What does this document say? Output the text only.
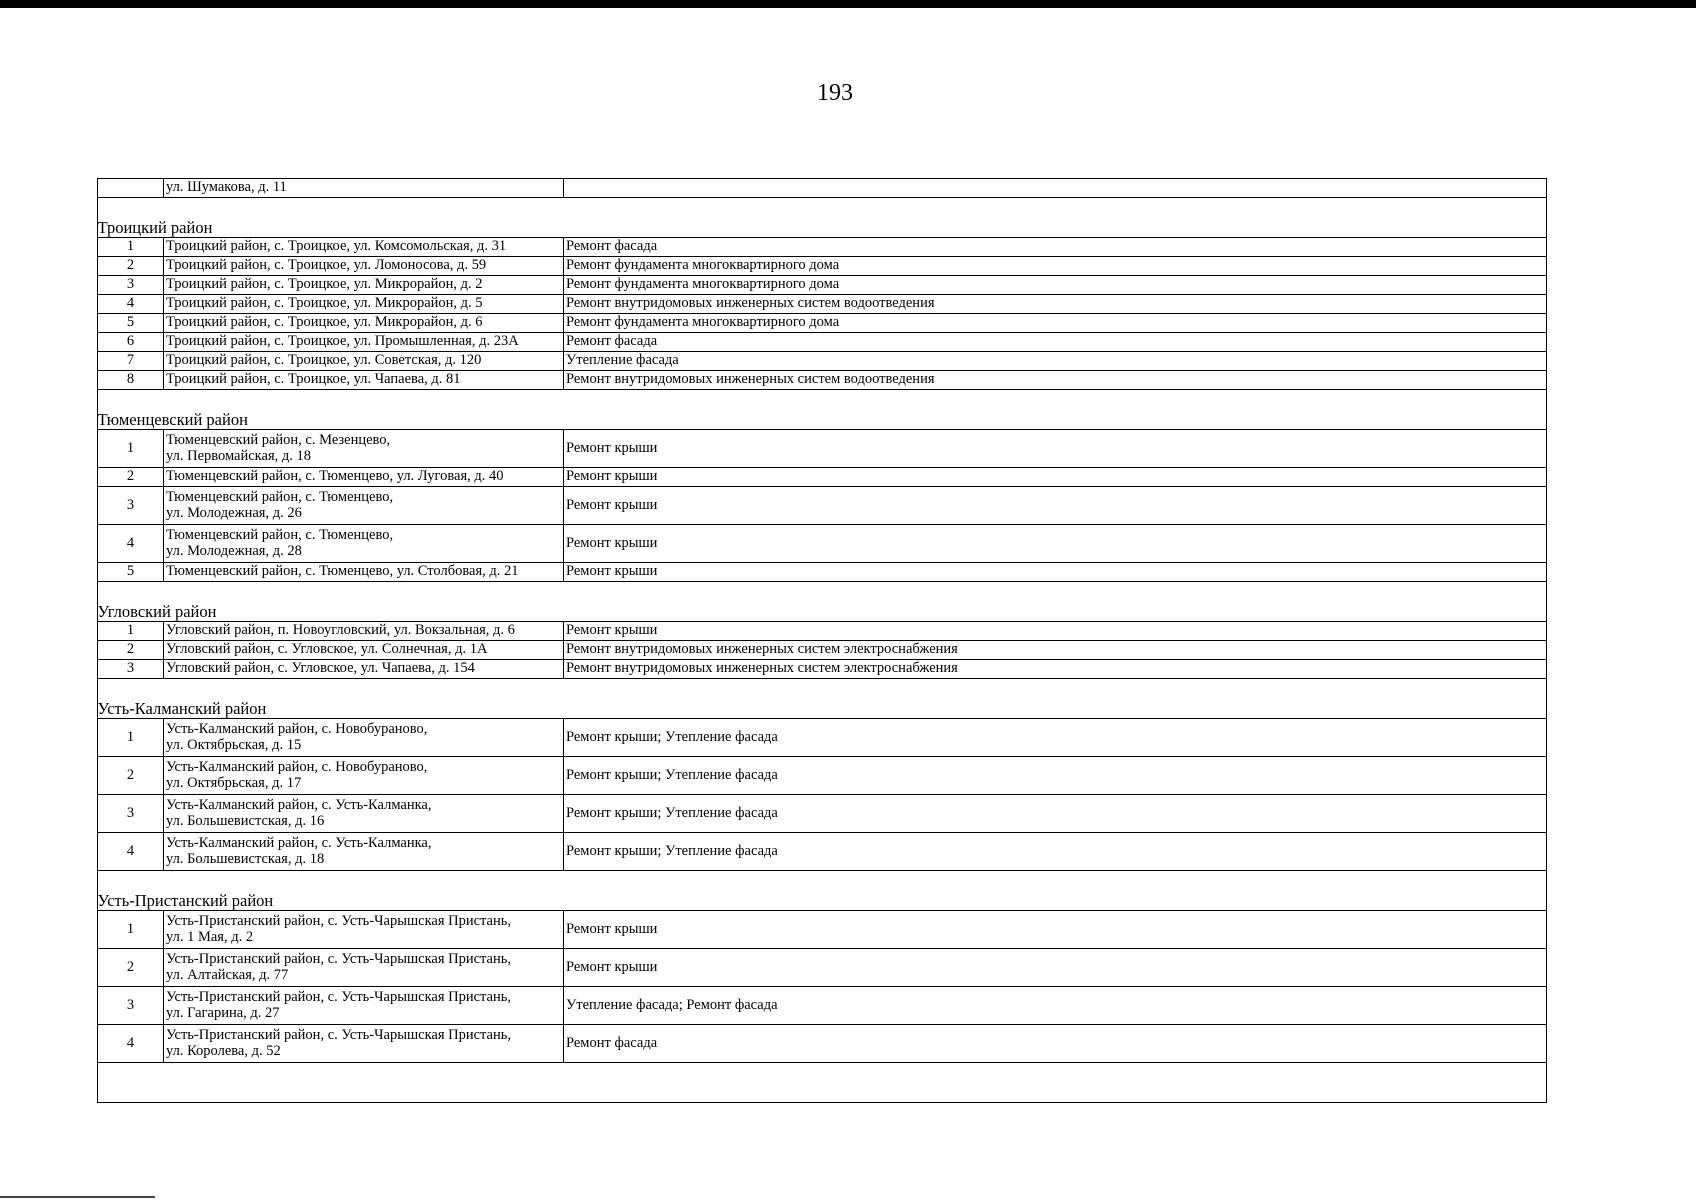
193
	ул. Шумакова, д. 11	
Троицкий район		
1	Троицкий район, с. Троицкое, ул. Комсомольская, д. 31	Ремонт фасада
2	Троицкий район, с. Троицкое, ул. Ломоносова, д. 59	Ремонт фундамента многоквартирного дома
3	Троицкий район, с. Троицкое, ул. Микрорайон, д. 2	Ремонт фундамента многоквартирного дома
4	Троицкий район, с. Троицкое, ул. Микрорайон, д. 5	Ремонт внутридомовых инженерных систем водоотведения
5	Троицкий район, с. Троицкое, ул. Микрорайон, д. 6	Ремонт фундамента многоквартирного дома
6	Троицкий район, с. Троицкое, ул. Промышленная, д. 23А	Ремонт фасада
7	Троицкий район, с. Троицкое, ул. Советская, д. 120	Утепление фасада
8	Троицкий район, с. Троицкое, ул. Чапаева, д. 81	Ремонт внутридомовых инженерных систем водоотведения
Тюменцевский район		
1	Тюменцевский район, с. Мезенцево,
ул. Первомайская, д. 18	Ремонт крыши
2	Тюменцевский район, с. Тюменцево, ул. Луговая, д. 40	Ремонт крыши
3	Тюменцевский район, с. Тюменцево,
ул. Молодежная, д. 26	Ремонт крыши
4	Тюменцевский район, с. Тюменцево,
ул. Молодежная, д. 28	Ремонт крыши
5	Тюменцевский район, с. Тюменцево, ул. Столбовая, д. 21	Ремонт крыши
Угловский район		
1	Угловский район, п. Новоугловский, ул. Вокзальная, д. 6	Ремонт крыши
2	Угловский район, с. Угловское, ул. Солнечная, д. 1А	Ремонт внутридомовых инженерных систем электроснабжения
3	Угловский район, с. Угловское, ул. Чапаева, д. 154	Ремонт внутридомовых инженерных систем электроснабжения
Усть-Калманский район		
1	Усть-Калманский район, с. Новобуpаново,
ул. Октябрьская, д. 15	Ремонт крыши; Утепление фасада
2	Усть-Калманский район, с. Новобураново,
ул. Октябрьская, д. 17	Ремонт крыши; Утепление фасада
3	Усть-Калманский район, с. Усть-Калманка,
ул. Большевистская, д. 16	Ремонт крыши; Утепление фасада
4	Усть-Калманский район, с. Усть-Калманка,
ул. Большевистская, д. 18	Ремонт крыши; Утепление фасада
Усть-Пристанский район		
1	Усть-Пристанский район, с. Усть-Чарышская Пристань,
ул. 1 Мая, д. 2	Ремонт крыши
2	Усть-Пристанский район, с. Усть-Чарышская Пристань,
ул. Алтайская, д. 77	Ремонт крыши
3	Усть-Пристанский район, с. Усть-Чарышская Пристань,
ул. Гагарина, д. 27	Утепление фасада; Ремонт фасада
4	Усть-Пристанский район, с. Усть-Чарышская Пристань,
ул. Королева, д. 52	Ремонт фасада
